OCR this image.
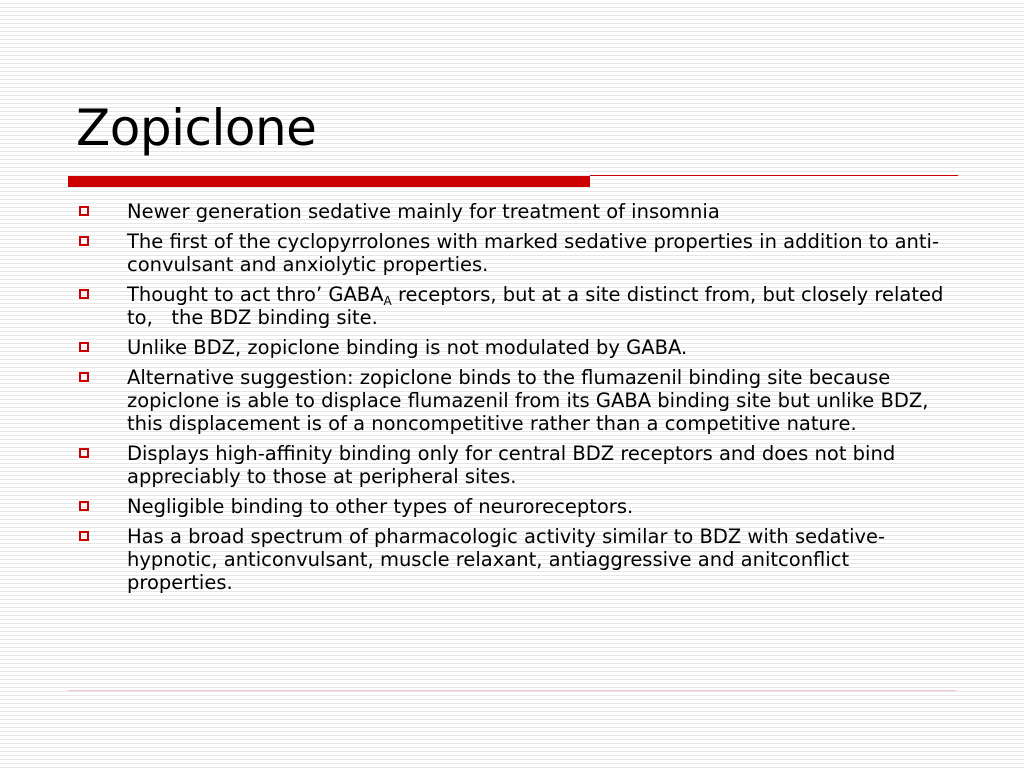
Zopiclone
Newer generation sedative mainly for treatment of insomnia
The first of the cyclopyrrolones with marked sedative properties in addition to anti-convulsant and anxiolytic properties.
Thought to act thro’ $GABA_A$ receptors, but at a site distinct from, but closely related to,   the BDZ binding site.
Unlike BDZ, zopiclone binding is not modulated by GABA.
Alternative suggestion: zopiclone binds to the flumazenil binding site because zopiclone is able to displace flumazenil from its GABA binding site but unlike BDZ, this displacement is of a noncompetitive rather than a competitive nature.
Displays high-affinity binding only for central BDZ receptors and does not bind appreciably to those at peripheral sites.
Negligible binding to other types of neuroreceptors.
Has a broad spectrum of pharmacologic activity similar to BDZ with sedative-hypnotic, anticonvulsant, muscle relaxant, antiaggressive and anitconflict properties.
